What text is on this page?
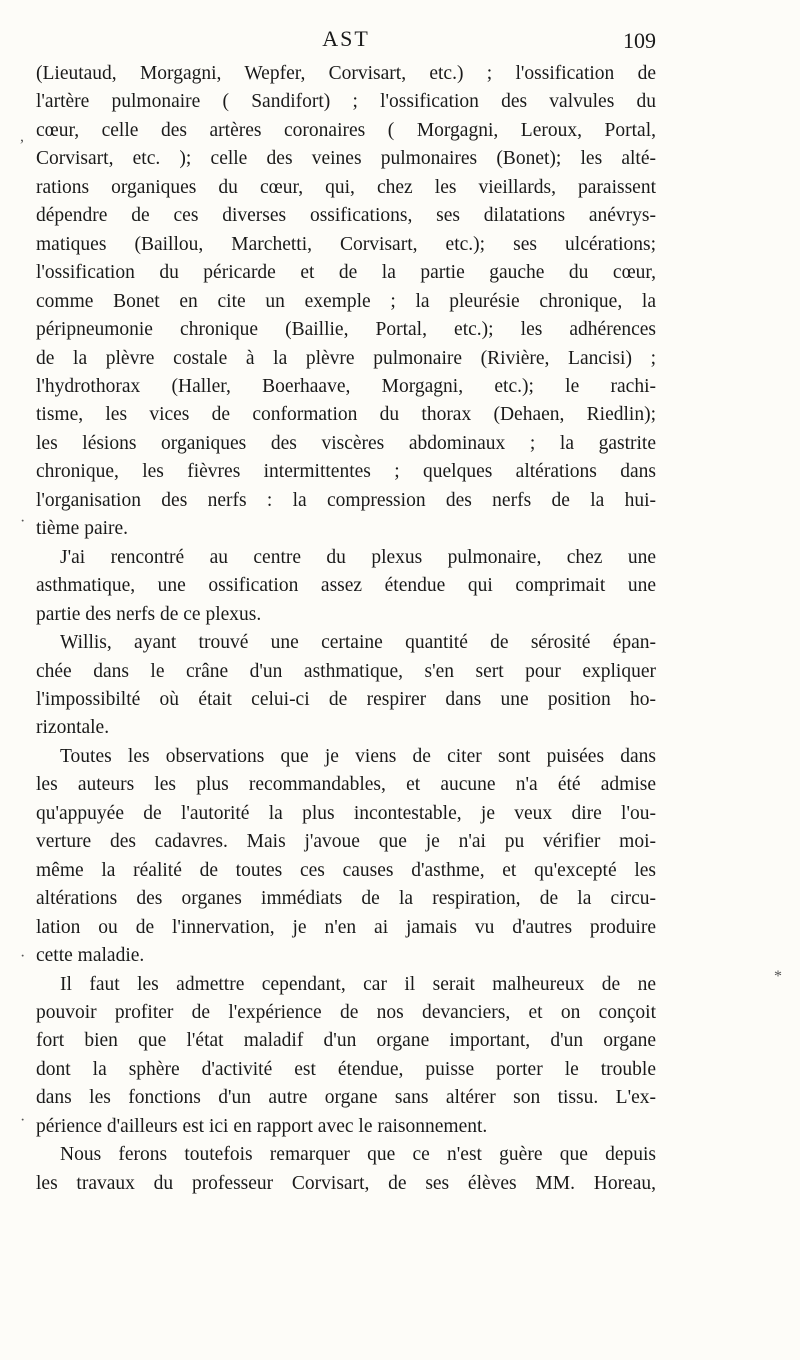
AST	109

(Lieutaud, Morgagni, Wepfer, Corvisart, etc.) ; l'ossification de
l'artère pulmonaire ( Sandifort) ; l'ossification des valvules du
cœur, celle des artères coronaires ( Morgagni, Leroux, Portal,
Corvisart, etc. ); celle des veines pulmonaires (Bonet); les alté-
rations organiques du cœur, qui, chez les vieillards, paraissent
dépendre de ces diverses ossifications, ses dilatations anévrys-
matiques (Baillou, Marchetti, Corvisart, etc.); ses ulcérations;
l'ossification du péricarde et de la partie gauche du cœur,
comme Bonet en cite un exemple ; la pleurésie chronique, la
péripneumonie chronique (Baillie, Portal, etc.); les adhérences
de la plèvre costale à la plèvre pulmonaire (Rivière, Lancisi) ;
l'hydrothorax (Haller, Boerhaave, Morgagni, etc.); le rachi-
tisme, les vices de conformation du thorax (Dehaen, Riedlin);
les lésions organiques des viscères abdominaux ; la gastrite
chronique, les fièvres intermittentes ; quelques altérations dans
l'organisation des nerfs : la compression des nerfs de la hui-
tième paire.

J'ai rencontré au centre du plexus pulmonaire, chez une
asthmatique, une ossification assez étendue qui comprimait une
partie des nerfs de ce plexus.

Willis, ayant trouvé une certaine quantité de sérosité épan-
chée dans le crâne d'un asthmatique, s'en sert pour expliquer
l'impossibilté où était celui-ci de respirer dans une position ho-
rizontale.

Toutes les observations que je viens de citer sont puisées dans
les auteurs les plus recommandables, et aucune n'a été admise
qu'appuyée de l'autorité la plus incontestable, je veux dire l'ou-
verture des cadavres. Mais j'avoue que je n'ai pu vérifier moi-
même la réalité de toutes ces causes d'asthme, et qu'excepté les
altérations des organes immédiats de la respiration, de la circu-
lation ou de l'innervation, je n'en ai jamais vu d'autres produire
cette maladie.

Il faut les admettre cependant, car il serait malheureux de ne
pouvoir profiter de l'expérience de nos devanciers, et on conçoit
fort bien que l'état maladif d'un organe important, d'un organe
dont la sphère d'activité est étendue, puisse porter le trouble
dans les fonctions d'un autre organe sans altérer son tissu. L'ex-
périence d'ailleurs est ici en rapport avec le raisonnement.

Nous ferons toutefois remarquer que ce n'est guère que depuis
les travaux du professeur Corvisart, de ses élèves MM. Horeau,

,
·
·
·
*
